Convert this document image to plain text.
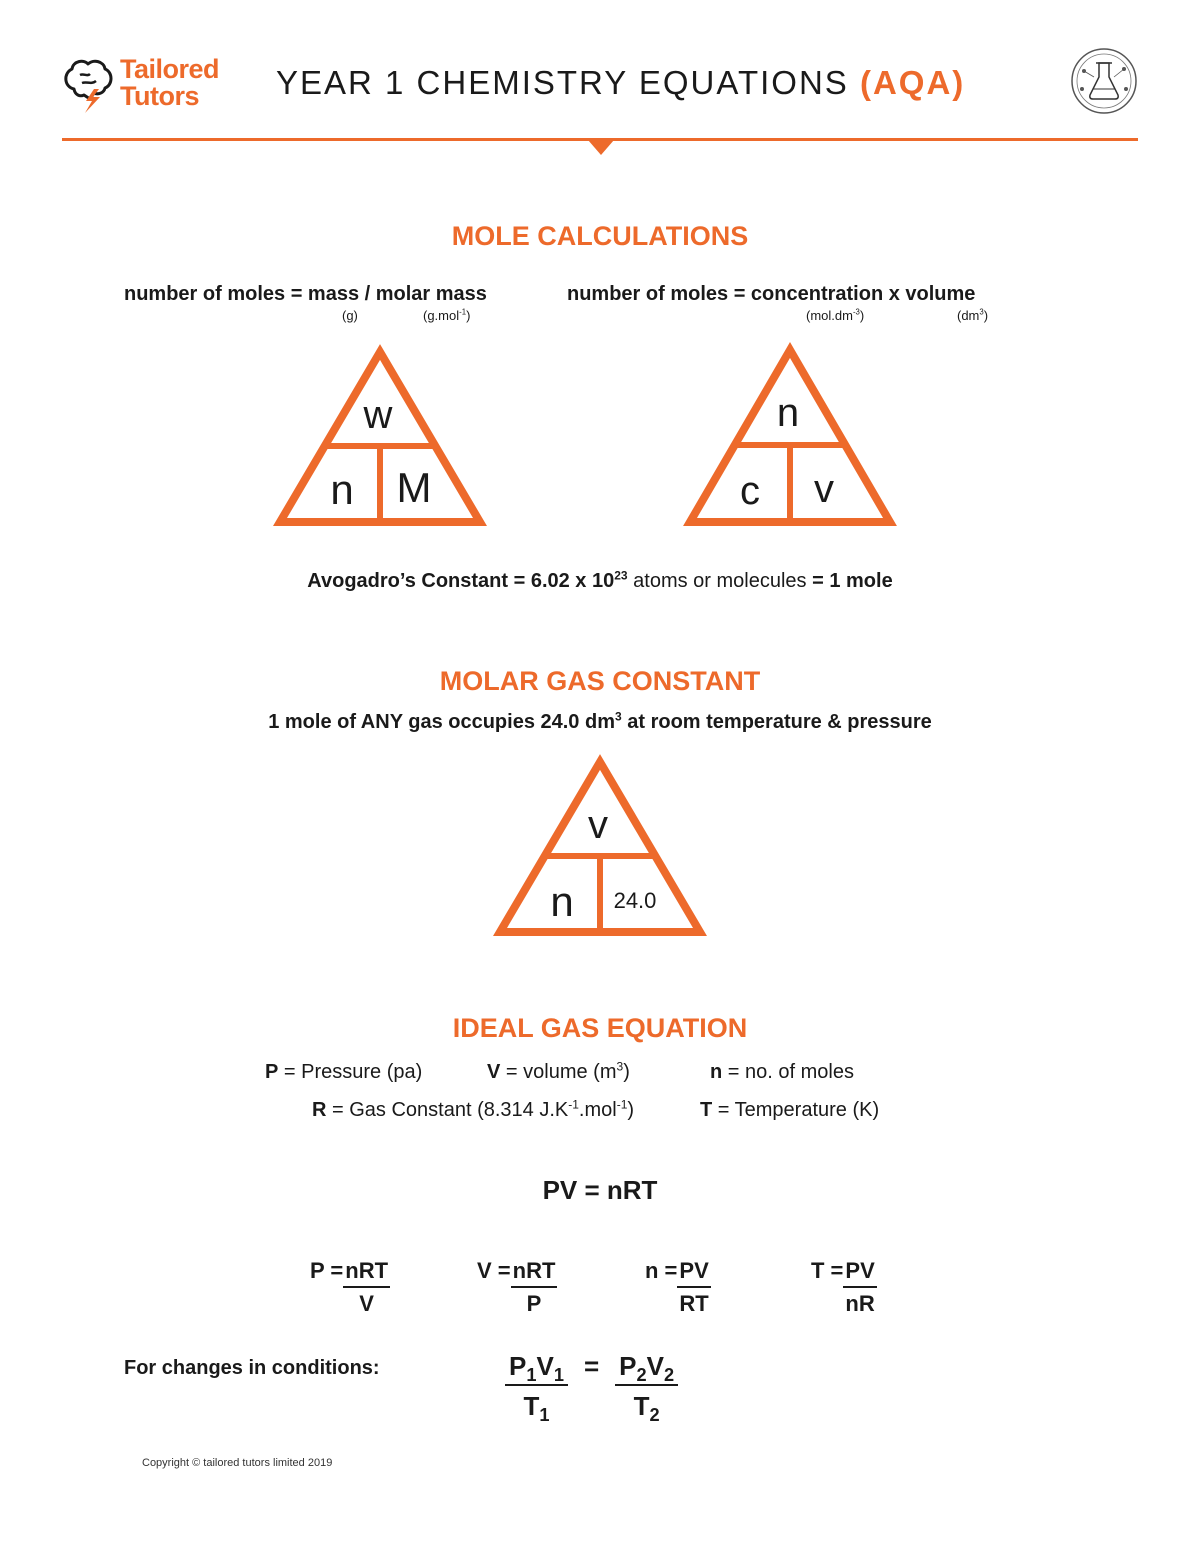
Tailored
Tutors	YEAR 1 CHEMISTRY EQUATIONS (AQA)
MOLE CALCULATIONS
number of moles = mass / molar mass
(g)	(g.mol$^{-1}$)
number of moles = concentration x volume
$(mol.dm^{-3})$	$(dm^3)$
w
n M
n
c v
Avogadro’s Constant = 6.02 x $10^{23}$ atoms or molecules = 1 mole
MOLAR GAS CONSTANT
1 mole of ANY gas occupies 24.0 $dm^3$ at room temperature & pressure
v
n 24.0
IDEAL GAS EQUATION
P = Pressure (pa)	V = volume $(m^3)$	n = no. of moles
R = Gas Constant (8.314 $J.K^{-1}.mol^{-1}$)	T = Temperature (K)
PV = nRT
$P = \frac{\text{nRT}}{V}$	$V = \frac{\text{nRT}}{P}$	$n = \frac{PV}{RT}$	$T = \frac{PV}{nR}$
For changes in conditions:	$\frac{P_1V_1}{T_1} = \frac{P_2V_2}{T_2}$
Copyright © tailored tutors limited 2019
